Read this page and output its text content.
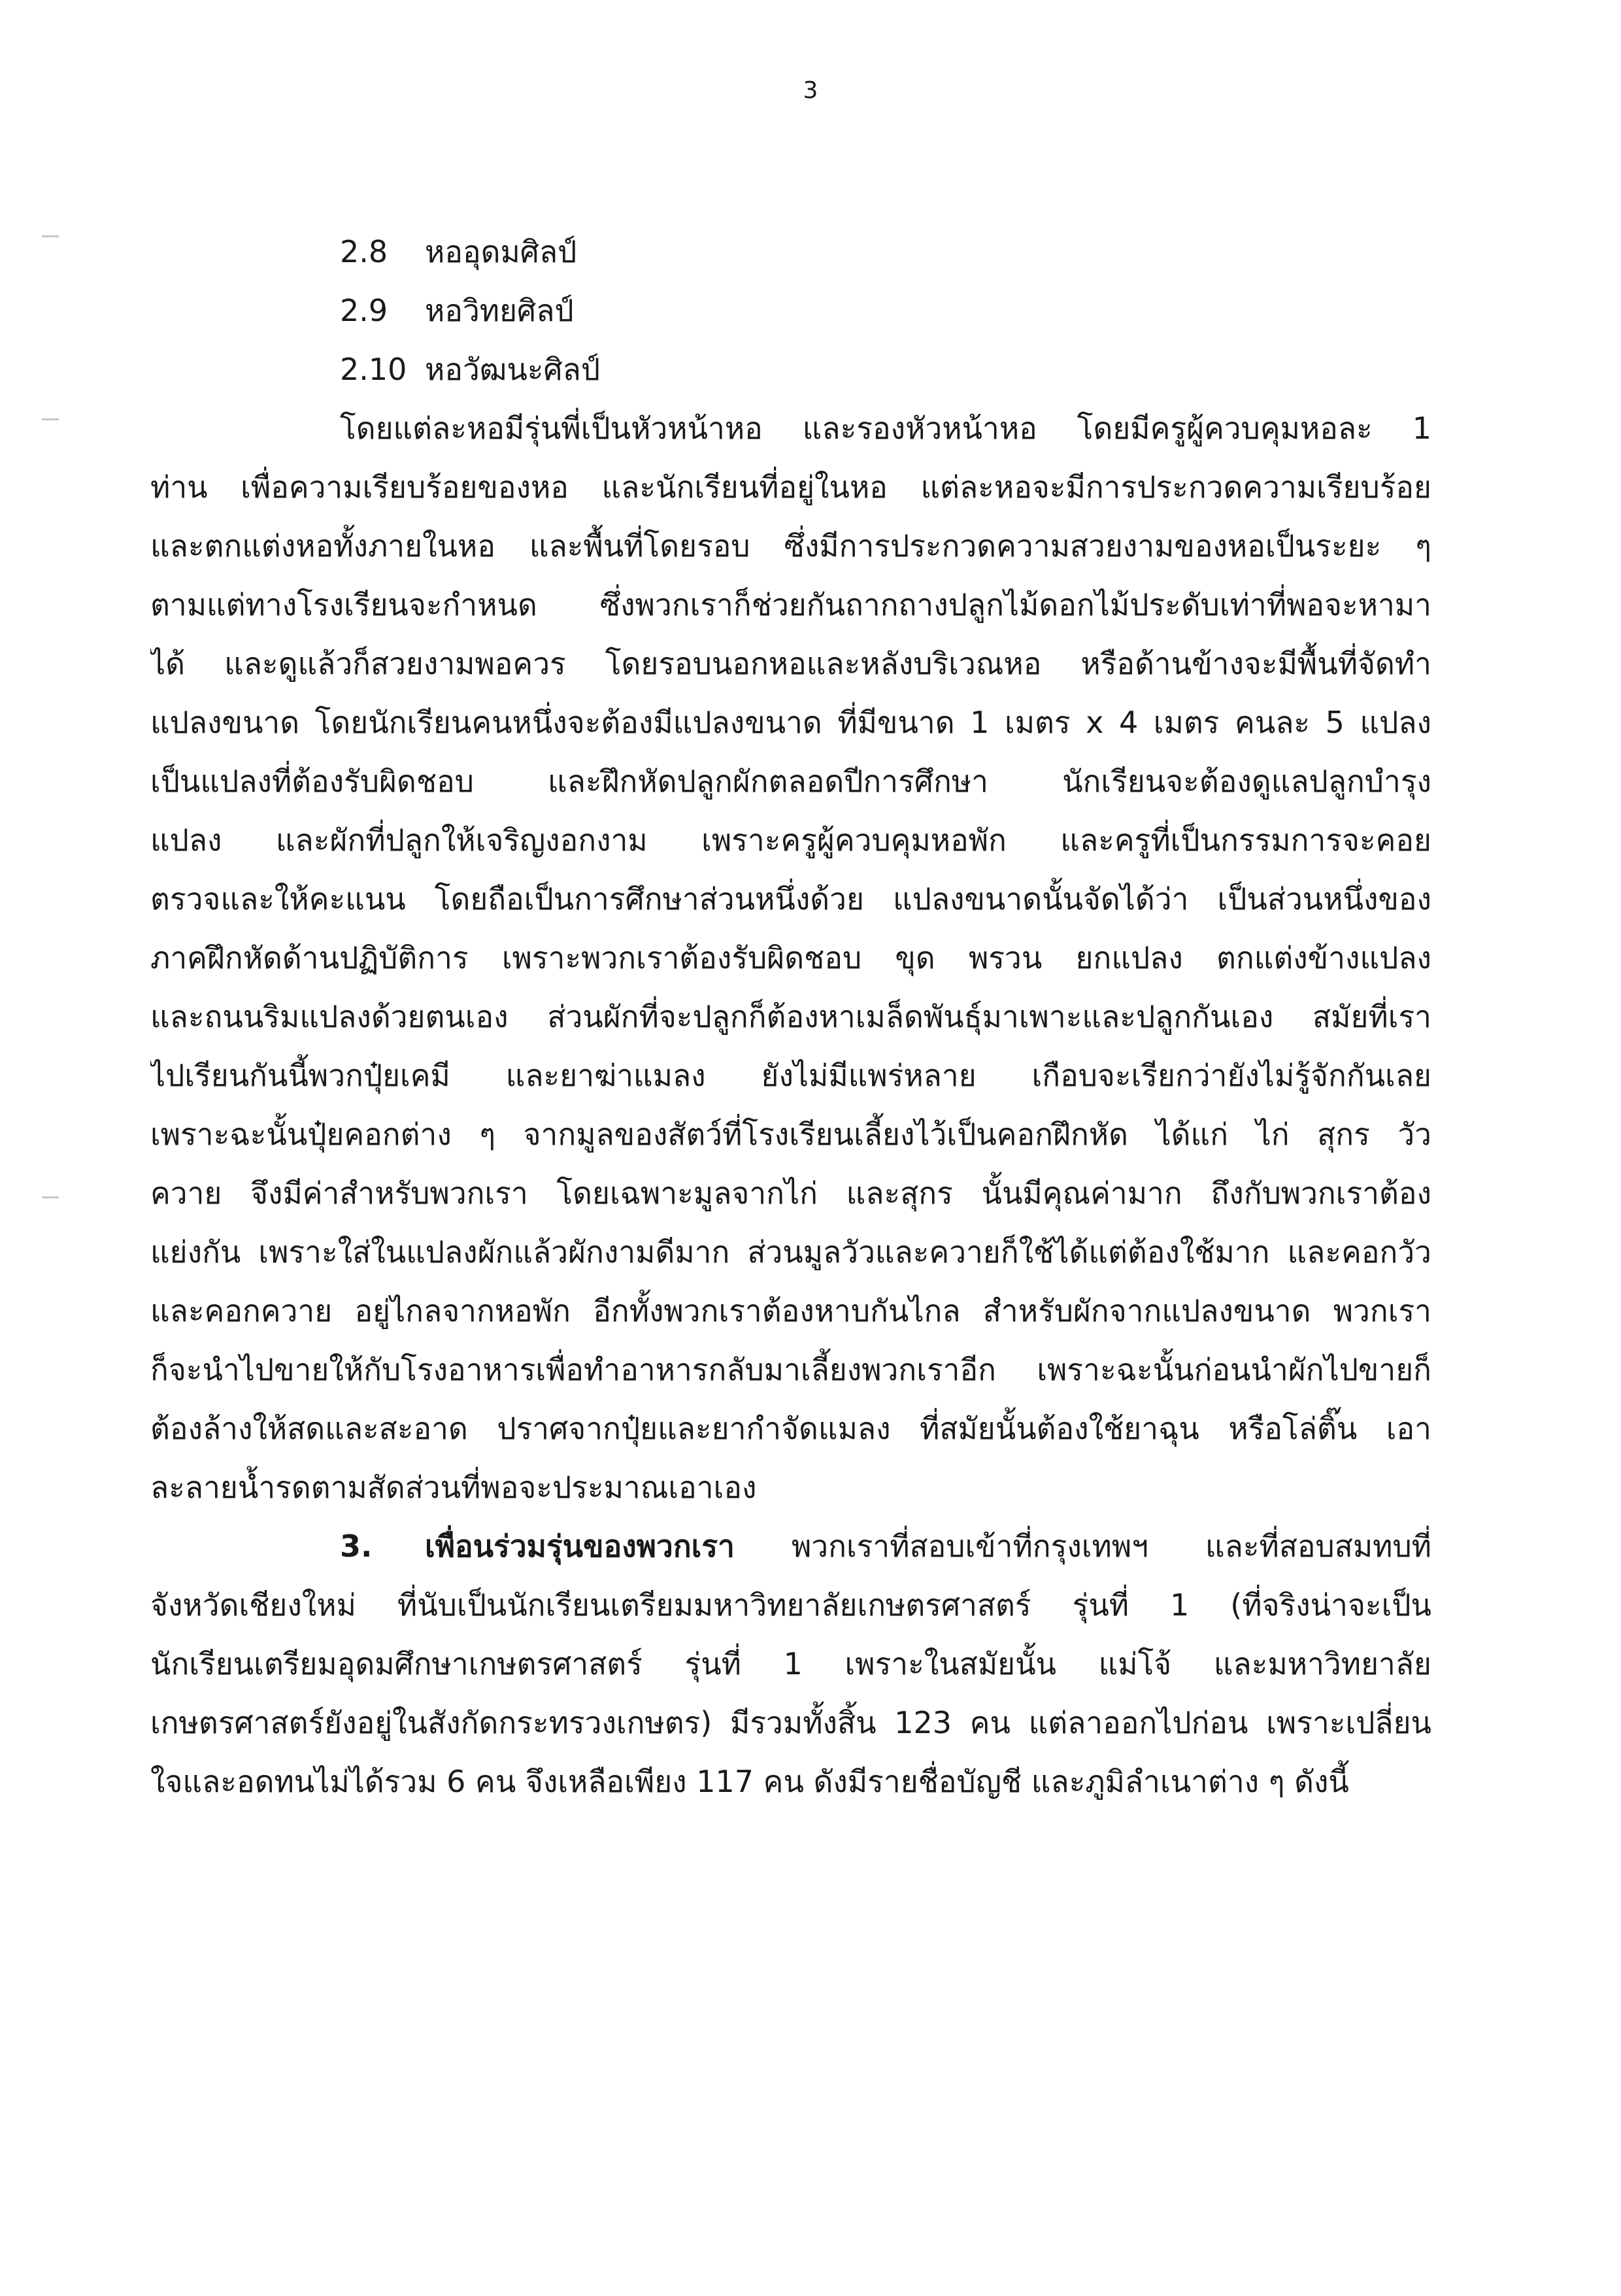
3
2.8 หออุดมศิลป์
2.9 หอวิทยศิลป์
2.10 หอวัฒนะศิลป์
โดยแต่ละหอมีรุ่นพี่เป็นหัวหน้าหอ และรองหัวหน้าหอ โดยมีครูผู้ควบคุมหอละ 1
ท่าน เพื่อความเรียบร้อยของหอ และนักเรียนที่อยู่ในหอ แต่ละหอจะมีการประกวดความเรียบร้อย
และตกแต่งหอทั้งภายในหอ และพื้นที่โดยรอบ ซึ่งมีการประกวดความสวยงามของหอเป็นระยะ ๆ
ตามแต่ทางโรงเรียนจะกำหนด ซึ่งพวกเราก็ช่วยกันถากถางปลูกไม้ดอกไม้ประดับเท่าที่พอจะหามา
ได้ และดูแล้วก็สวยงามพอควร โดยรอบนอกหอและหลังบริเวณหอ หรือด้านข้างจะมีพื้นที่จัดทำ
แปลงขนาด โดยนักเรียนคนหนึ่งจะต้องมีแปลงขนาด ที่มีขนาด 1 เมตร x 4 เมตร คนละ 5 แปลง
เป็นแปลงที่ต้องรับผิดชอบ และฝึกหัดปลูกผักตลอดปีการศึกษา นักเรียนจะต้องดูแลปลูกบำรุง
แปลง และผักที่ปลูกให้เจริญงอกงาม เพราะครูผู้ควบคุมหอพัก และครูที่เป็นกรรมการจะคอย
ตรวจและให้คะแนน โดยถือเป็นการศึกษาส่วนหนึ่งด้วย แปลงขนาดนั้นจัดได้ว่า เป็นส่วนหนึ่งของ
ภาคฝึกหัดด้านปฏิบัติการ เพราะพวกเราต้องรับผิดชอบ ขุด พรวน ยกแปลง ตกแต่งข้างแปลง
และถนนริมแปลงด้วยตนเอง ส่วนผักที่จะปลูกก็ต้องหาเมล็ดพันธุ์มาเพาะและปลูกกันเอง สมัยที่เรา
ไปเรียนกันนี้พวกปุ๋ยเคมี และยาฆ่าแมลง ยังไม่มีแพร่หลาย เกือบจะเรียกว่ายังไม่รู้จักกันเลย
เพราะฉะนั้นปุ๋ยคอกต่าง ๆ จากมูลของสัตว์ที่โรงเรียนเลี้ยงไว้เป็นคอกฝึกหัด ได้แก่ ไก่ สุกร วัว
ควาย จึงมีค่าสำหรับพวกเรา โดยเฉพาะมูลจากไก่ และสุกร นั้นมีคุณค่ามาก ถึงกับพวกเราต้อง
แย่งกัน เพราะใส่ในแปลงผักแล้วผักงามดีมาก ส่วนมูลวัวและควายก็ใช้ได้แต่ต้องใช้มาก และคอกวัว
และคอกควาย อยู่ไกลจากหอพัก อีกทั้งพวกเราต้องหาบกันไกล สำหรับผักจากแปลงขนาด พวกเรา
ก็จะนำไปขายให้กับโรงอาหารเพื่อทำอาหารกลับมาเลี้ยงพวกเราอีก เพราะฉะนั้นก่อนนำผักไปขายก็
ต้องล้างให้สดและสะอาด ปราศจากปุ๋ยและยากำจัดแมลง ที่สมัยนั้นต้องใช้ยาฉุน หรือโล่ติ๊น เอา
ละลายน้ำรดตามสัดส่วนที่พอจะประมาณเอาเอง
3. เพื่อนร่วมรุ่นของพวกเรา พวกเราที่สอบเข้าที่กรุงเทพฯ และที่สอบสมทบที่
จังหวัดเชียงใหม่ ที่นับเป็นนักเรียนเตรียมมหาวิทยาลัยเกษตรศาสตร์ รุ่นที่ 1 (ที่จริงน่าจะเป็น
นักเรียนเตรียมอุดมศึกษาเกษตรศาสตร์ รุ่นที่ 1 เพราะในสมัยนั้น แม่โจ้ และมหาวิทยาลัย
เกษตรศาสตร์ยังอยู่ในสังกัดกระทรวงเกษตร) มีรวมทั้งสิ้น 123 คน แต่ลาออกไปก่อน เพราะเปลี่ยน
ใจและอดทนไม่ได้รวม 6 คน จึงเหลือเพียง 117 คน ดังมีรายชื่อบัญชี และภูมิลำเนาต่าง ๆ ดังนี้
